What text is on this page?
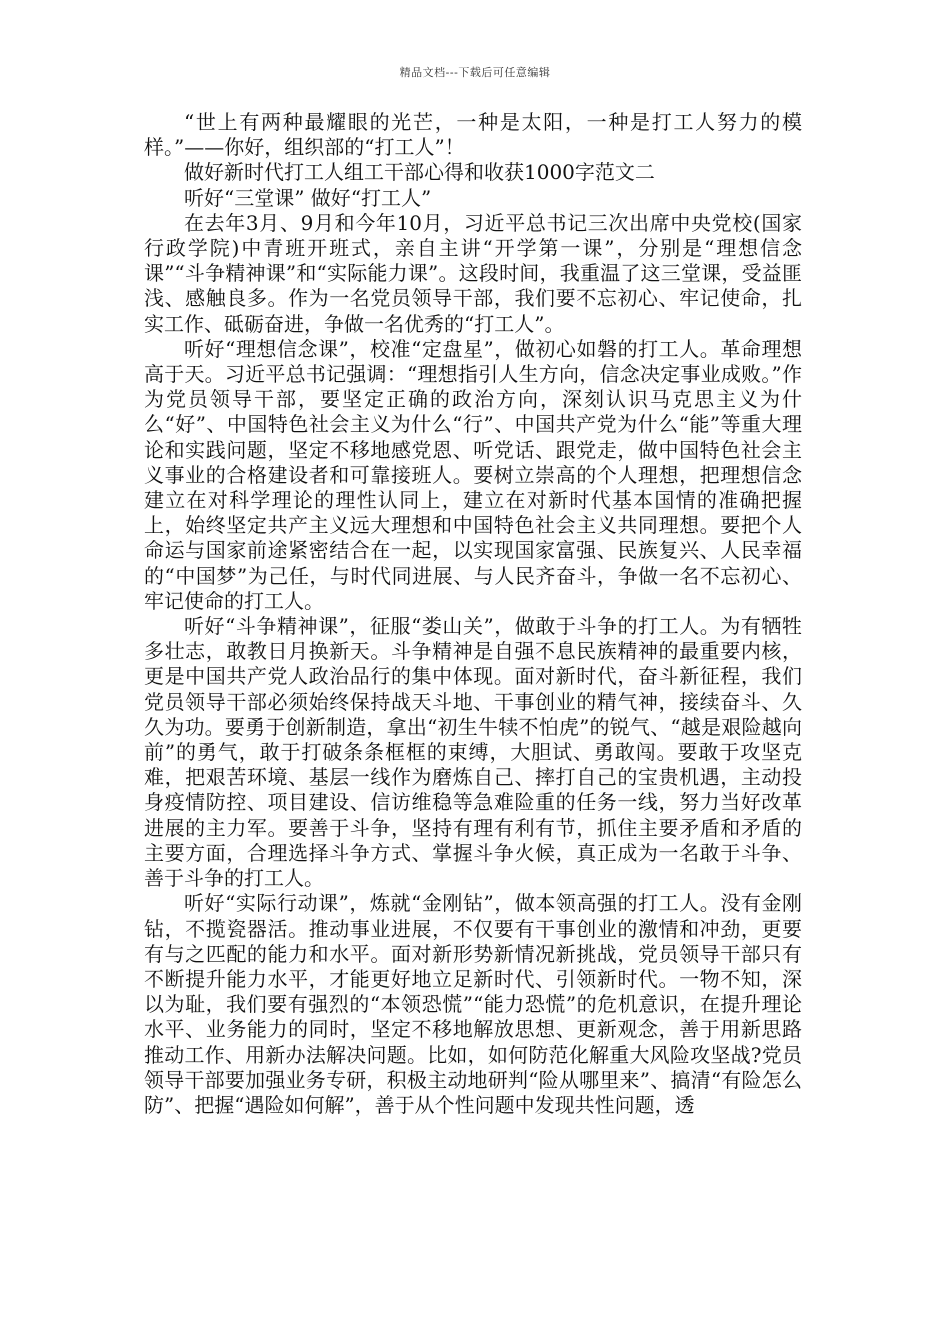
精品文档---下载后可任意编辑

“世上有两种最耀眼的光芒，一种是太阳，一种是打工人努力的模样。”——你好，组织部的“打工人”！

做好新时代打工人组工干部心得和收获1000字范文二

听好“三堂课” 做好“打工人”

在去年3月、9月和今年10月，习近平总书记三次出席中央党校(国家行政学院)中青班开班式，亲自主讲“开学第一课”，分别是“理想信念课”“斗争精神课”和“实际能力课”。这段时间，我重温了这三堂课，受益匪浅、感触良多。作为一名党员领导干部，我们要不忘初心、牢记使命，扎实工作、砥砺奋进，争做一名优秀的“打工人”。

听好“理想信念课”，校准“定盘星”，做初心如磐的打工人。革命理想高于天。习近平总书记强调：“理想指引人生方向，信念决定事业成败。”作为党员领导干部，要坚定正确的政治方向，深刻认识马克思主义为什么“好”、中国特色社会主义为什么“行”、中国共产党为什么“能”等重大理论和实践问题，坚定不移地感党恩、听党话、跟党走，做中国特色社会主义事业的合格建设者和可靠接班人。要树立崇高的个人理想，把理想信念建立在对科学理论的理性认同上，建立在对新时代基本国情的准确把握上，始终坚定共产主义远大理想和中国特色社会主义共同理想。要把个人命运与国家前途紧密结合在一起，以实现国家富强、民族复兴、人民幸福的“中国梦”为己任，与时代同进展、与人民齐奋斗，争做一名不忘初心、牢记使命的打工人。

听好“斗争精神课”，征服“娄山关”，做敢于斗争的打工人。为有牺牲多壮志，敢教日月换新天。斗争精神是自强不息民族精神的最重要内核，更是中国共产党人政治品行的集中体现。面对新时代，奋斗新征程，我们党员领导干部必须始终保持战天斗地、干事创业的精气神，接续奋斗、久久为功。要勇于创新制造，拿出“初生牛犊不怕虎”的锐气、“越是艰险越向前”的勇气，敢于打破条条框框的束缚，大胆试、勇敢闯。要敢于攻坚克难，把艰苦环境、基层一线作为磨炼自己、摔打自己的宝贵机遇，主动投身疫情防控、项目建设、信访维稳等急难险重的任务一线，努力当好改革进展的主力军。要善于斗争，坚持有理有利有节，抓住主要矛盾和矛盾的主要方面，合理选择斗争方式、掌握斗争火候，真正成为一名敢于斗争、善于斗争的打工人。

听好“实际行动课”，炼就“金刚钻”，做本领高强的打工人。没有金刚钻，不揽瓷器活。推动事业进展，不仅要有干事创业的激情和冲劲，更要有与之匹配的能力和水平。面对新形势新情况新挑战，党员领导干部只有不断提升能力水平，才能更好地立足新时代、引领新时代。一物不知，深以为耻，我们要有强烈的“本领恐慌”“能力恐慌”的危机意识，在提升理论水平、业务能力的同时，坚定不移地解放思想、更新观念，善于用新思路推动工作、用新办法解决问题。比如，如何防范化解重大风险攻坚战?党员领导干部要加强业务专研，积极主动地研判“险从哪里来”、搞清“有险怎么防”、把握“遇险如何解”，善于从个性问题中发现共性问题，透
